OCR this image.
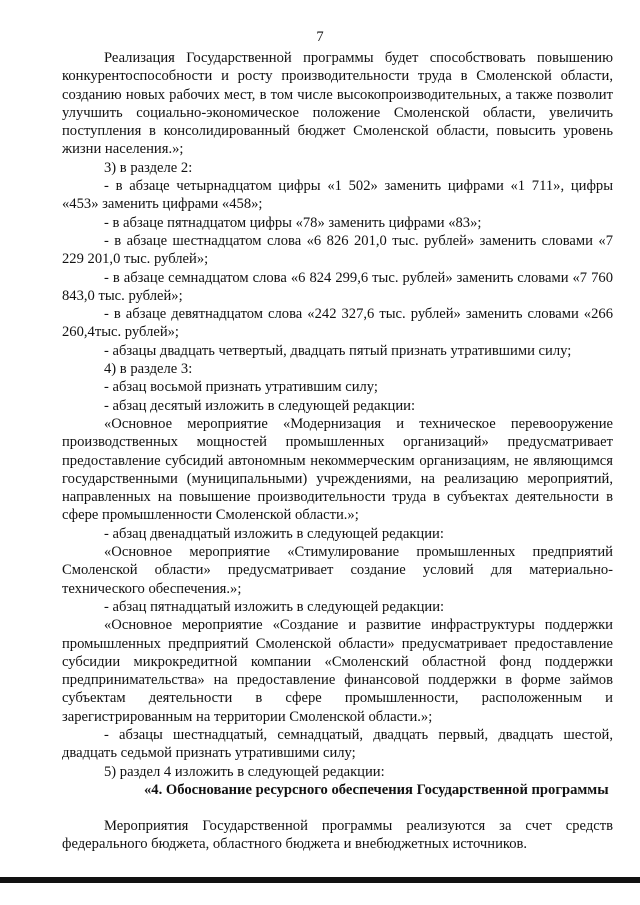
7

Реализация Государственной программы будет способствовать повышению конкурентоспособности и росту производительности труда в Смоленской области, созданию новых рабочих мест, в том числе высокопроизводительных, а также позволит улучшить социально-экономическое положение Смоленской области, увеличить поступления в консолидированный бюджет Смоленской области, повысить уровень жизни населения.»;

3) в разделе 2:

- в абзаце четырнадцатом цифры «1 502» заменить цифрами «1 711», цифры «453» заменить цифрами «458»;

- в абзаце пятнадцатом цифры «78» заменить цифрами «83»;

- в абзаце шестнадцатом слова «6 826 201,0 тыс. рублей» заменить словами «7 229 201,0 тыс. рублей»;

- в абзаце семнадцатом слова «6 824 299,6 тыс. рублей» заменить словами «7 760 843,0 тыс. рублей»;

- в абзаце девятнадцатом слова «242 327,6 тыс. рублей» заменить словами «266 260,4тыс. рублей»;

- абзацы двадцать четвертый, двадцать пятый признать утратившими силу;

4) в разделе 3:

- абзац восьмой признать утратившим силу;

- абзац десятый изложить в следующей редакции:

«Основное мероприятие «Модернизация и техническое перевооружение производственных мощностей промышленных организаций» предусматривает предоставление субсидий автономным некоммерческим организациям, не являющимся государственными (муниципальными) учреждениями, на реализацию мероприятий, направленных на повышение производительности труда в субъектах деятельности в сфере промышленности Смоленской области.»;

- абзац двенадцатый изложить в следующей редакции:

«Основное мероприятие «Стимулирование промышленных предприятий Смоленской области» предусматривает создание условий для материально-технического обеспечения.»;

- абзац пятнадцатый изложить в следующей редакции:

«Основное мероприятие «Создание и развитие инфраструктуры поддержки промышленных предприятий Смоленской области» предусматривает предоставление субсидии микрокредитной компании «Смоленский областной фонд поддержки предпринимательства» на предоставление финансовой поддержки в форме займов субъектам деятельности в сфере промышленности, расположенным и зарегистрированным на территории Смоленской области.»;

- абзацы шестнадцатый, семнадцатый, двадцать первый, двадцать шестой, двадцать седьмой признать утратившими силу;

5) раздел 4 изложить в следующей редакции:

«4. Обоснование ресурсного обеспечения Государственной программы

Мероприятия Государственной программы реализуются за счет средств федерального бюджета, областного бюджета и внебюджетных источников.
